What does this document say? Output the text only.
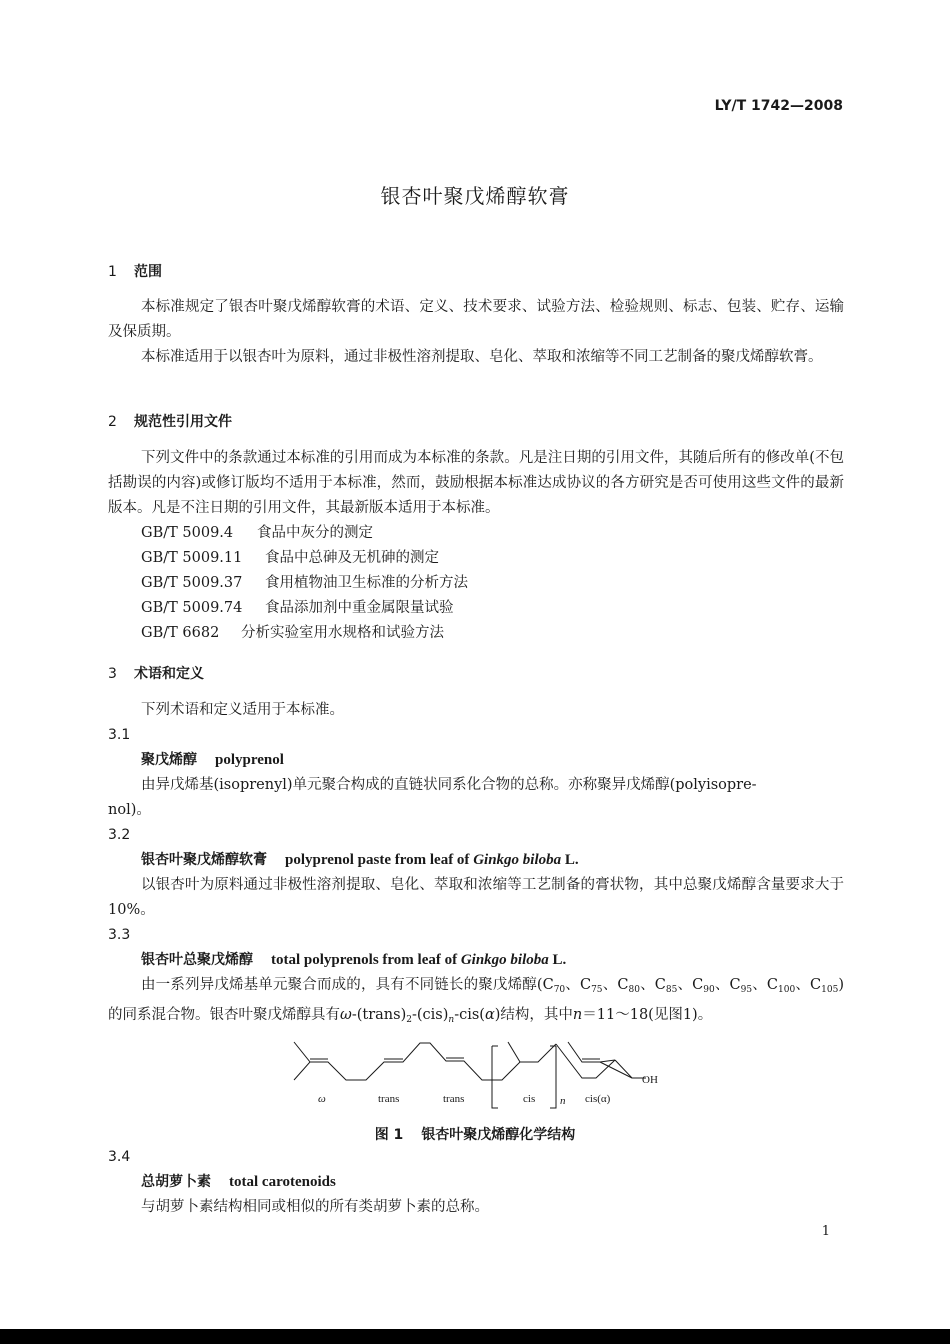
LY/T 1742—2008
银杏叶聚戊烯醇软膏
1 范围
本标准规定了银杏叶聚戊烯醇软膏的术语、定义、技术要求、试验方法、检验规则、标志、包装、贮存、运输及保质期。
本标准适用于以银杏叶为原料，通过非极性溶剂提取、皂化、萃取和浓缩等不同工艺制备的聚戊烯醇软膏。
2 规范性引用文件
下列文件中的条款通过本标准的引用而成为本标准的条款。凡是注日期的引用文件，其随后所有的修改单(不包括勘误的内容)或修订版均不适用于本标准，然而，鼓励根据本标准达成协议的各方研究是否可使用这些文件的最新版本。凡是不注日期的引用文件，其最新版本适用于本标准。
GB/T 5009.4 食品中灰分的测定
GB/T 5009.11 食品中总砷及无机砷的测定
GB/T 5009.37 食用植物油卫生标准的分析方法
GB/T 5009.74 食品添加剂中重金属限量试验
GB/T 6682 分析实验室用水规格和试验方法
3 术语和定义
下列术语和定义适用于本标准。
3.1
聚戊烯醇 polyprenol
由异戊烯基(isoprenyl)单元聚合构成的直链状同系化合物的总称。亦称聚异戊烯醇(polyisopre-
nol)。
3.2
银杏叶聚戊烯醇软膏 polyprenol paste from leaf of Ginkgo biloba L.
以银杏叶为原料通过非极性溶剂提取、皂化、萃取和浓缩等工艺制备的膏状物，其中总聚戊烯醇含量要求大于10%。
3.3
银杏叶总聚戊烯醇 total polyprenols from leaf of Ginkgo biloba L.
由一系列异戊烯基单元聚合而成的，具有不同链长的聚戊烯醇($C_{70}$、$C_{75}$、$C_{80}$、$C_{85}$、$C_{90}$、$C_{95}$、$C_{100}$、$C_{105}$)的同系混合物。银杏叶聚戊烯醇具有$\omega-(trans)_2-(cis)_n-cis(\alpha)$结构，其中n＝11～18(见图1)。
ω	trans	trans	cis n cis(α)
OH
图 1 银杏叶聚戊烯醇化学结构
3.4
总胡萝卜素 total carotenoids
与胡萝卜素结构相同或相似的所有类胡萝卜素的总称。
1
